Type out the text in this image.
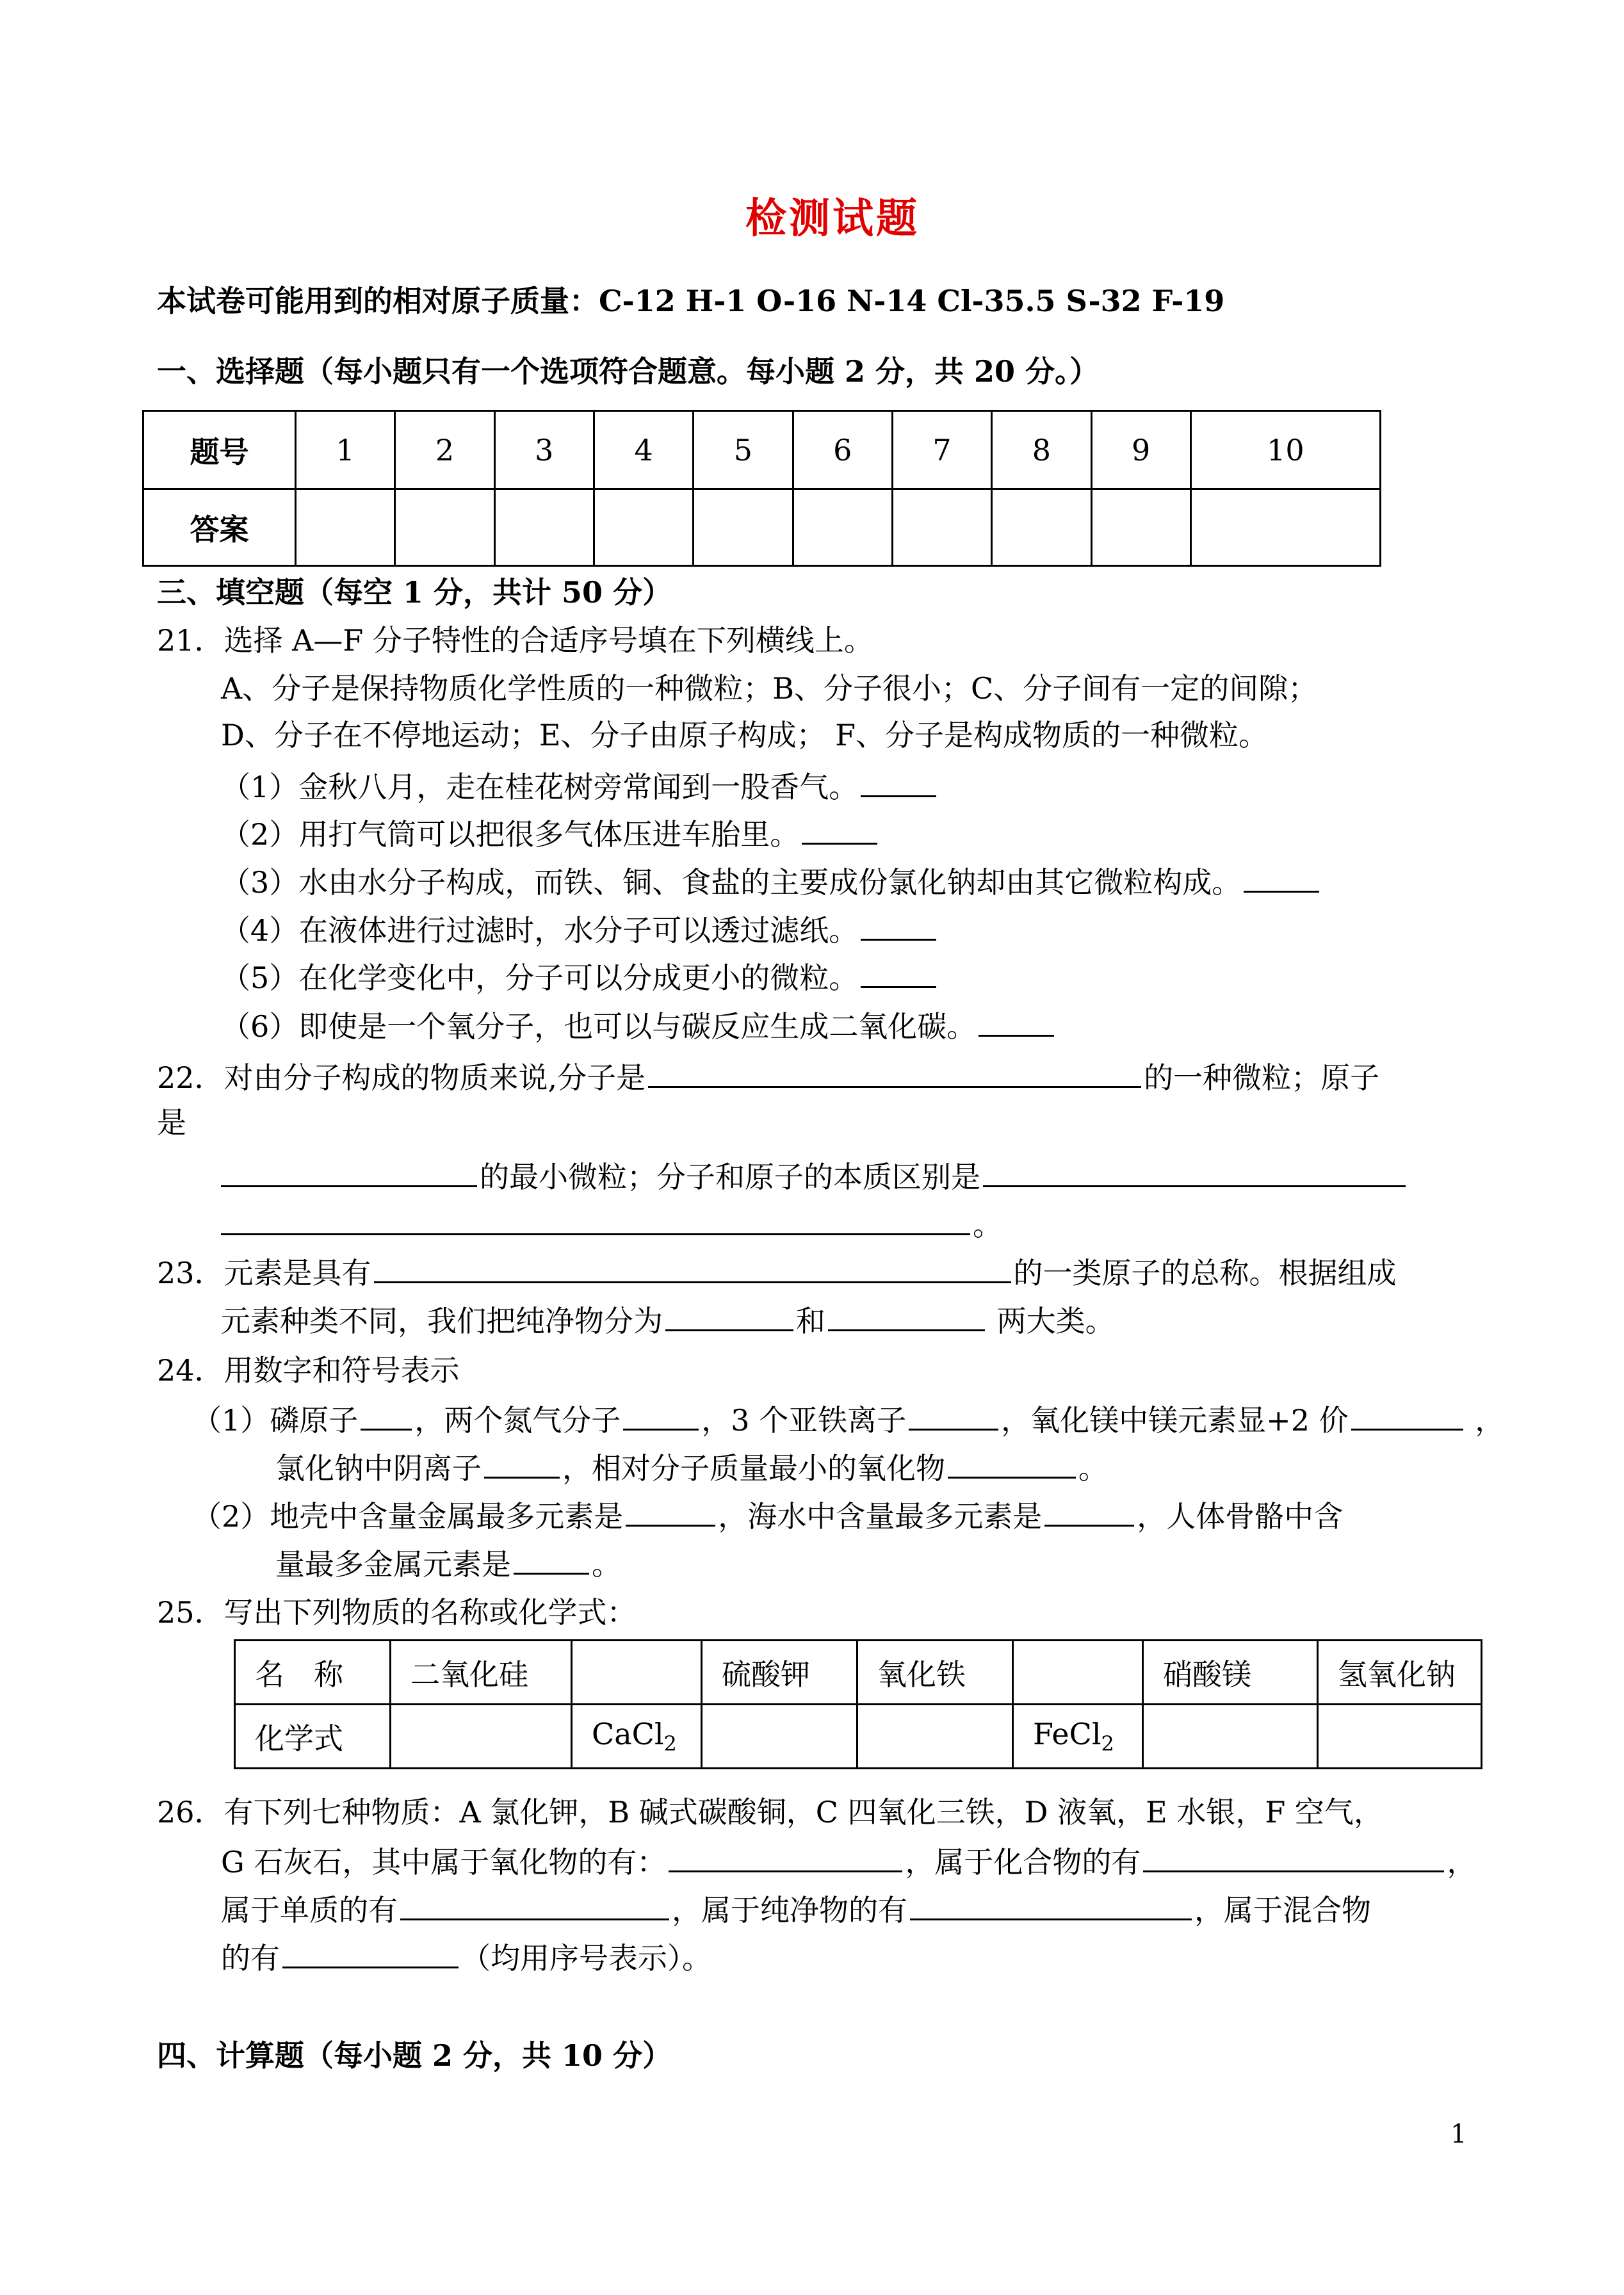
检测试题
本试卷可能用到的相对原子质量：C-12 H-1 O-16 N-14 Cl-35.5 S-32 F-19
一、选择题（每小题只有一个选项符合题意。每小题 2 分，共 20 分。）
题号	1	2	3	4	5	6	7	8	9	10
答案										
三、填空题（每空 1 分，共计 50 分）
21．选择 A—F 分子特性的合适序号填在下列横线上。
A、分子是保持物质化学性质的一种微粒；B、分子很小；C、分子间有一定的间隙；
D、分子在不停地运动；E、分子由原子构成； F、分子是构成物质的一种微粒。
（1）金秋八月，走在桂花树旁常闻到一股香气。
（2）用打气筒可以把很多气体压进车胎里。
（3）水由水分子构成，而铁、铜、食盐的主要成份氯化钠却由其它微粒构成。
（4）在液体进行过滤时，水分子可以透过滤纸。
（5）在化学变化中，分子可以分成更小的微粒。
（6）即使是一个氧分子，也可以与碳反应生成二氧化碳。
22．对由分子构成的物质来说,分子是	的一种微粒；原子
是
的最小微粒；分子和原子的本质区别是
。
23．元素是具有	的一类原子的总称。根据组成
元素种类不同，我们把纯净物分为	和	两大类。
24．用数字和符号表示
（1）磷原子 ，两个氮气分子	，3 个亚铁离子	，氧化镁中镁元素显+2 价	，
氯化钠中阴离子	，相对分子质量最小的氧化物	。
（2）地壳中含量金属最多元素是	，海水中含量最多元素是	，人体骨骼中含
量最多金属元素是	。
25．写出下列物质的名称或化学式：
名　称	二氧化硅		硫酸钾	氧化铁		硝酸镁	氢氧化钠
化学式		CaCl$_2$			FeCl$_2$		
26．有下列七种物质：A 氯化钾，B 碱式碳酸铜，C 四氧化三铁，D 液氧，E 水银，F 空气，
G 石灰石，其中属于氧化物的有：	，属于化合物的有	，
属于单质的有	，属于纯净物的有	，属于混合物
的有	（均用序号表示）。
四、计算题（每小题 2 分，共 10 分）
1
